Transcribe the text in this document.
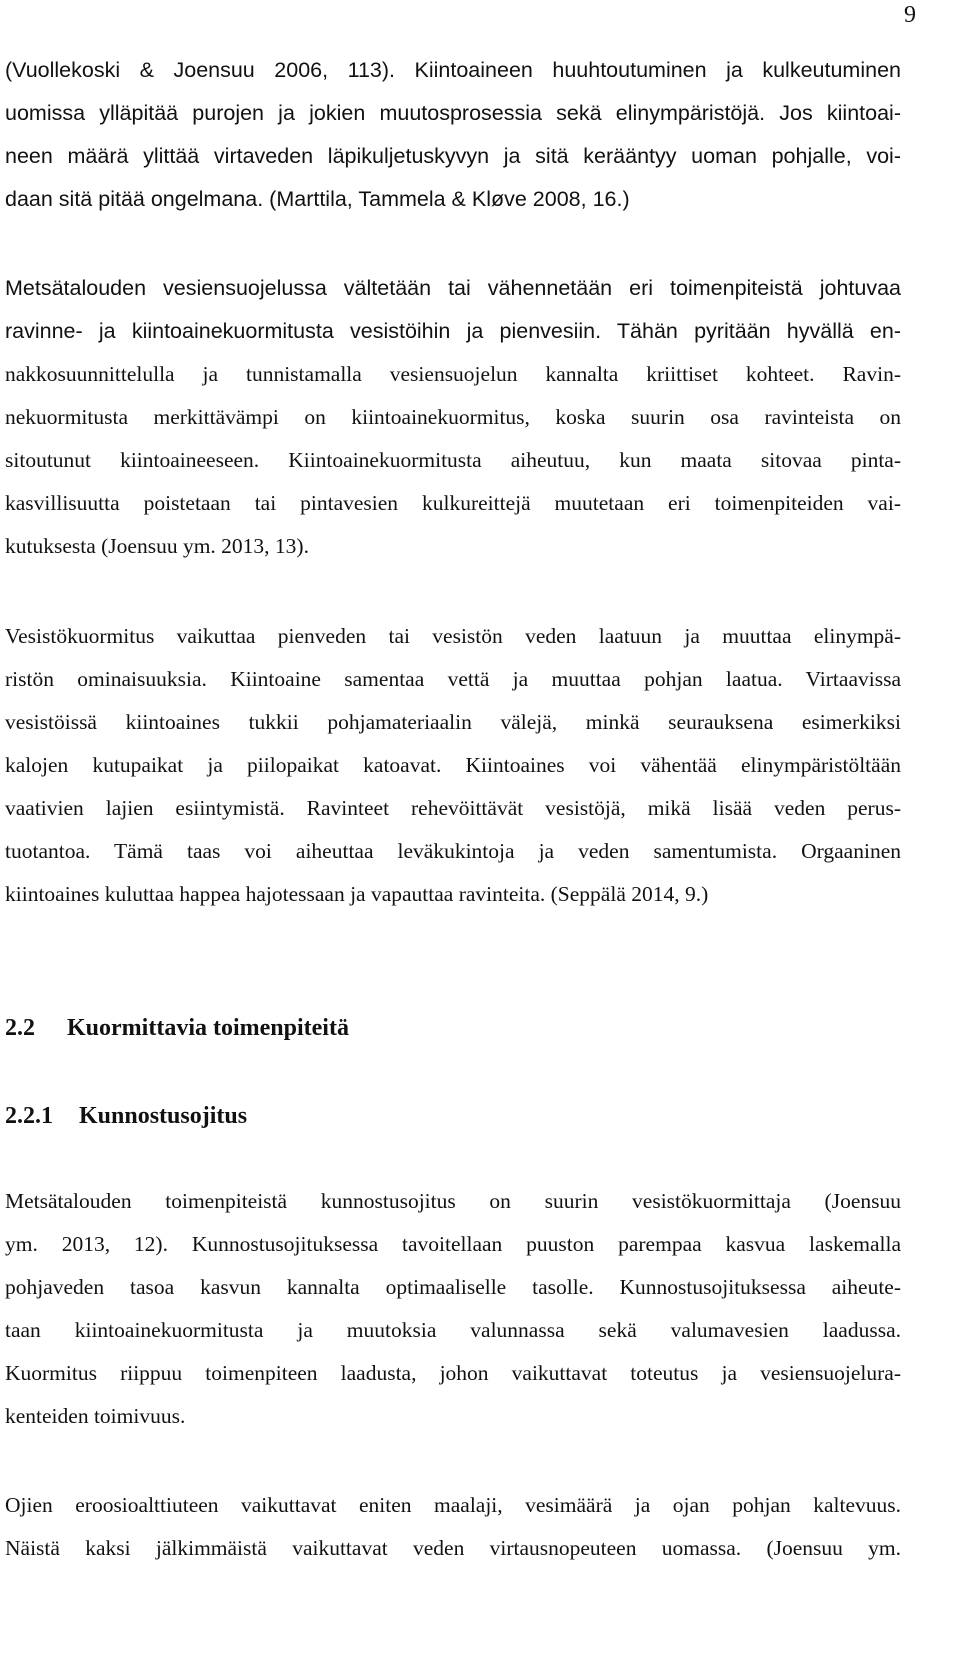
9
(Vuollekoski & Joensuu 2006, 113). Kiintoaineen huuhtoutuminen ja kulkeutuminen
uomissa ylläpitää purojen ja jokien muutosprosessia sekä elinympäristöjä. Jos kiintoai-
neen määrä ylittää virtaveden läpikuljetuskyvyn ja sitä kerääntyy uoman pohjalle, voi-
daan sitä pitää ongelmana. (Marttila, Tammela & Kløve 2008, 16.)
Metsätalouden vesiensuojelussa vältetään tai vähennetään eri toimenpiteistä johtuvaa
ravinne- ja kiintoainekuormitusta vesistöihin ja pienvesiin. Tähän pyritään hyvällä en-
nakkosuunnittelulla ja tunnistamalla vesiensuojelun kannalta kriittiset kohteet. Ravin-
nekuormitusta merkittävämpi on kiintoainekuormitus, koska suurin osa ravinteista on
sitoutunut kiintoaineeseen. Kiintoainekuormitusta aiheutuu, kun maata sitovaa pinta-
kasvillisuutta poistetaan tai pintavesien kulkureittejä muutetaan eri toimenpiteiden vai-
kutuksesta (Joensuu ym. 2013, 13).
Vesistökuormitus vaikuttaa pienveden tai vesistön veden laatuun ja muuttaa elinympä-
ristön ominaisuuksia. Kiintoaine samentaa vettä ja muuttaa pohjan laatua. Virtaavissa
vesistöissä kiintoaines tukkii pohjamateriaalin välejä, minkä seurauksena esimerkiksi
kalojen kutupaikat ja piilopaikat katoavat. Kiintoaines voi vähentää elinympäristöltään
vaativien lajien esiintymistä. Ravinteet rehevöittävät vesistöjä, mikä lisää veden perus-
tuotantoa. Tämä taas voi aiheuttaa leväkukintoja ja veden samentumista. Orgaaninen
kiintoaines kuluttaa happea hajotessaan ja vapauttaa ravinteita. (Seppälä 2014, 9.)
2.2 Kuormittavia toimenpiteitä
2.2.1 Kunnostusojitus
Metsätalouden toimenpiteistä kunnostusojitus on suurin vesistökuormittaja (Joensuu
ym. 2013, 12). Kunnostusojituksessa tavoitellaan puuston parempaa kasvua laskemalla
pohjaveden tasoa kasvun kannalta optimaaliselle tasolle. Kunnostusojituksessa aiheute-
taan kiintoainekuormitusta ja muutoksia valunnassa sekä valumavesien laadussa.
Kuormitus riippuu toimenpiteen laadusta, johon vaikuttavat toteutus ja vesiensuojelura-
kenteiden toimivuus.
Ojien eroosioalttiuteen vaikuttavat eniten maalaji, vesimäärä ja ojan pohjan kaltevuus.
Näistä kaksi jälkimmäistä vaikuttavat veden virtausnopeuteen uomassa. (Joensuu ym.
